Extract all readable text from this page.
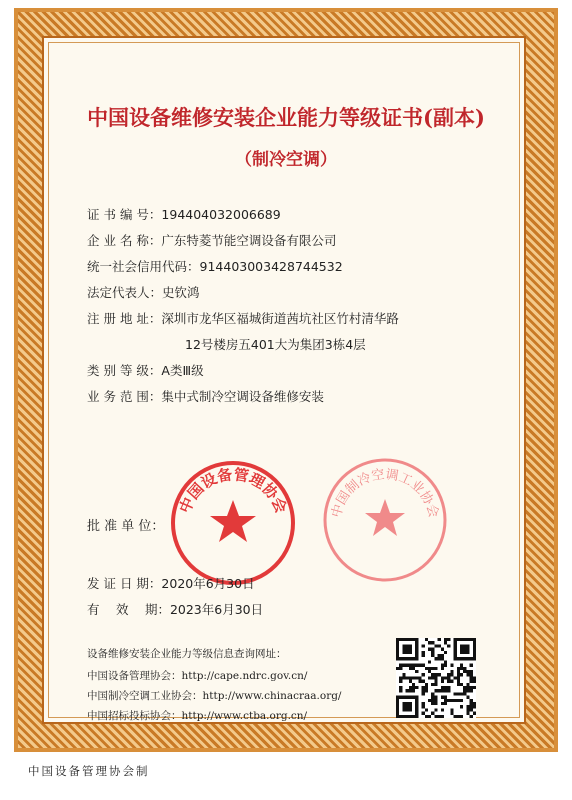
中国设备维修安装企业能力等级证书(副本)
（制冷空调）
证 书 编 号：194404032006689
企 业 名 称：广东特菱节能空调设备有限公司
统一社会信用代码：914403003428744532
法定代表人：史钦鸿
注 册 地 址：深圳市龙华区福城街道茜坑社区竹村清华路
12号楼房五401大为集团3栋4层
类 别 等 级：A类Ⅲ级
业 务 范 围：集中式制冷空调设备维修安装
批 准 单 位：
中国设备管理协会	中国制冷空调工业协会
发 证 日 期：2020年6月30日
有　 效　 期：2023年6月30日
设备维修安装企业能力等级信息查询网址：
中国设备管理协会：http://cape.ndrc.gov.cn/
中国制冷空调工业协会：http://www.chinacraa.org/
中国招标投标协会：http://www.ctba.org.cn/
中国设备管理协会制
